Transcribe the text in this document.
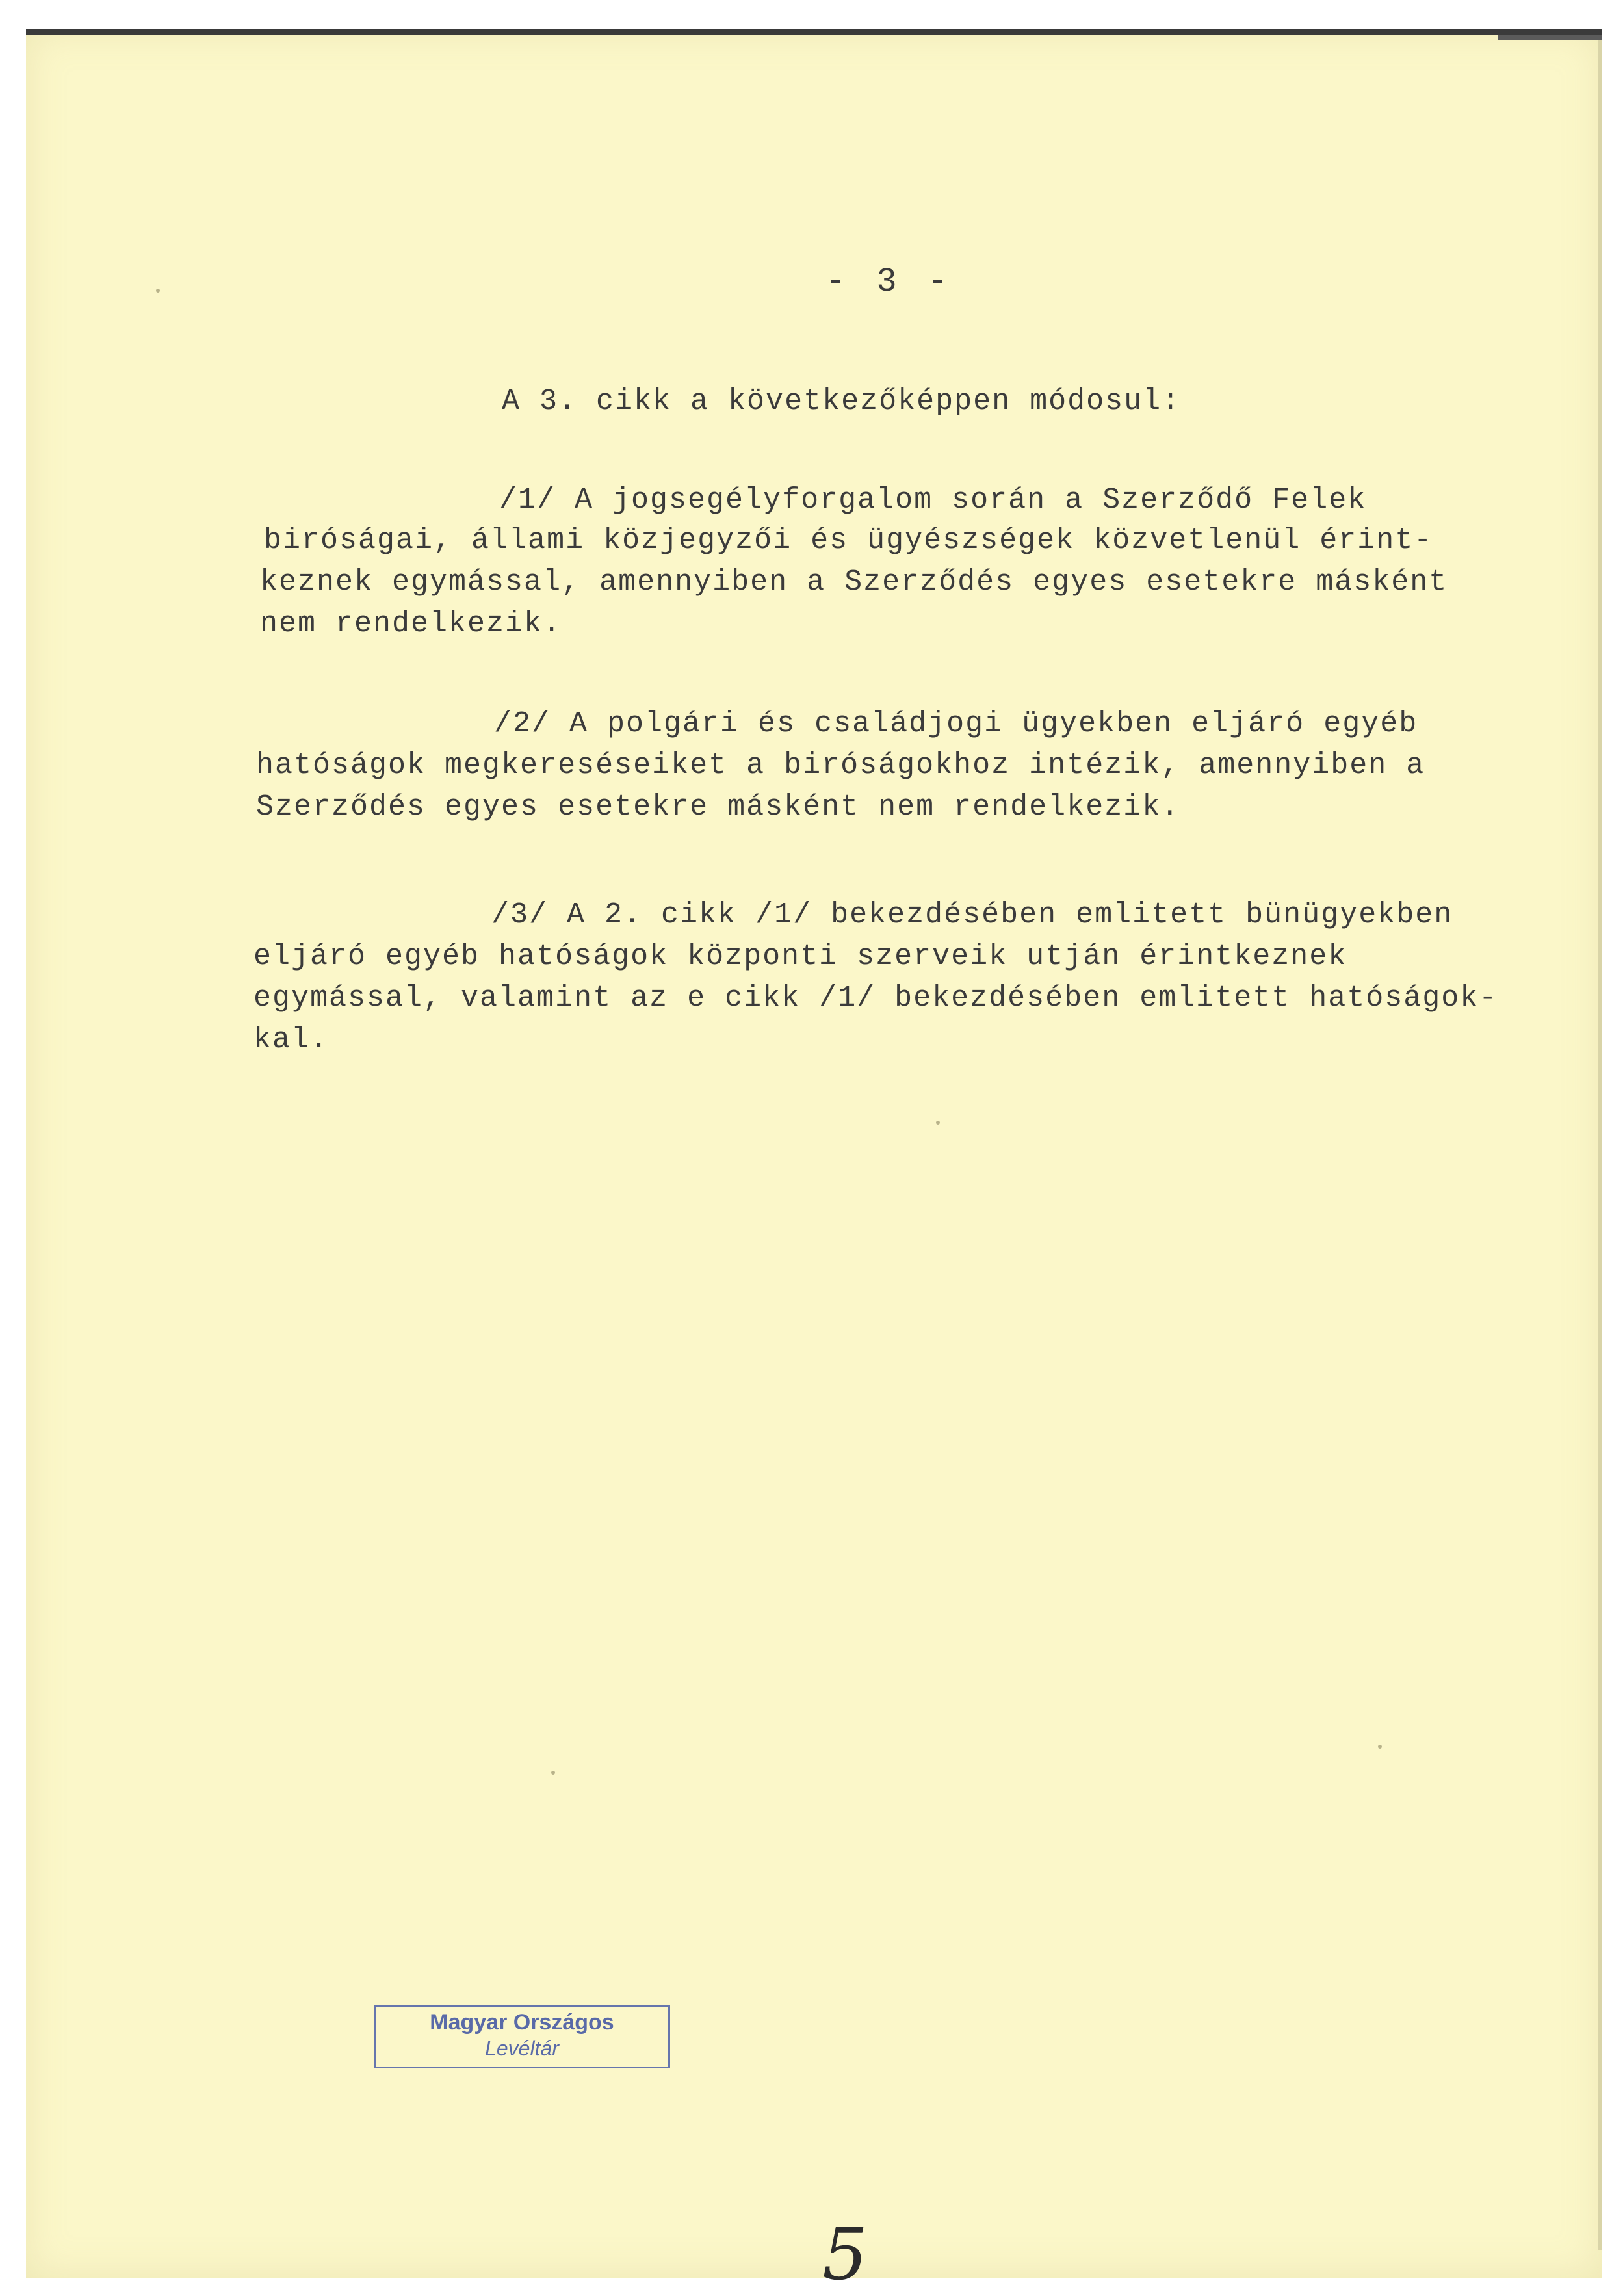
- 3 -
A 3. cikk a következőképpen módosul:
/1/ A jogsegélyforgalom során a Szerződő Felek
biróságai, állami közjegyzői és ügyészségek közvetlenül érint-
keznek egymással, amennyiben a Szerződés egyes esetekre másként
nem rendelkezik.
/2/ A polgári és családjogi ügyekben eljáró egyéb
hatóságok megkereséseiket a biróságokhoz intézik, amennyiben a
Szerződés egyes esetekre másként nem rendelkezik.
/3/ A 2. cikk /1/ bekezdésében emlitett bünügyekben
eljáró egyéb hatóságok központi szerveik utján érintkeznek
egymással, valamint az e cikk /1/ bekezdésében emlitett hatóságok-
kal.
Magyar Országos
Levéltár
5
